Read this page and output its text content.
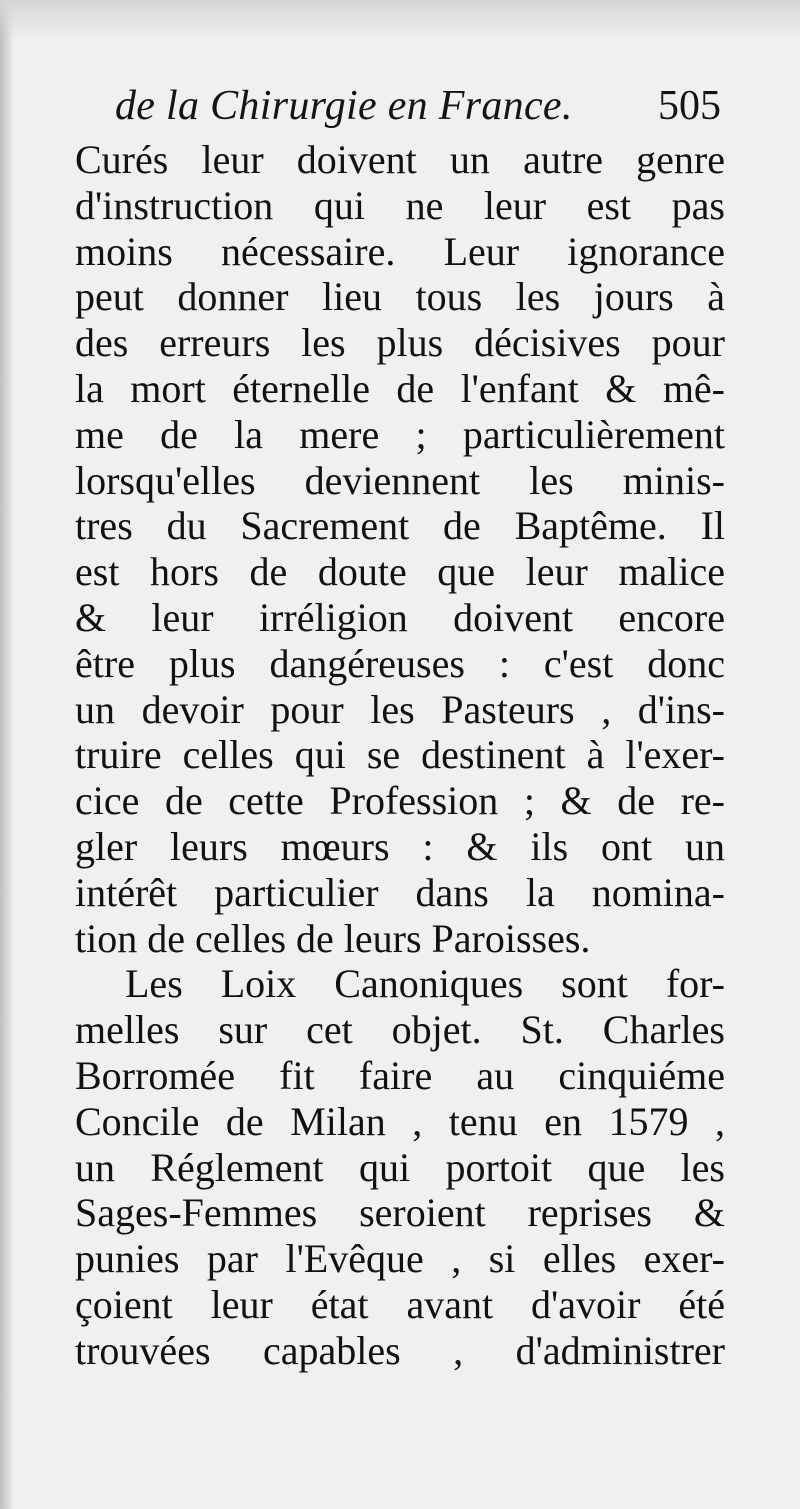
de la Chirurgie en France. 505
Curés leur doivent un autre genre
d'instruction qui ne leur est pas
moins nécessaire. Leur ignorance
peut donner lieu tous les jours à
des erreurs les plus décisives pour
la mort éternelle de l'enfant & mê-
me de la mere ; particulièrement
lorsqu'elles deviennent les minis-
tres du Sacrement de Baptême. Il
est hors de doute que leur malice
& leur irréligion doivent encore
être plus dangéreuses : c'est donc
un devoir pour les Pasteurs , d'ins-
truire celles qui se destinent à l'exer-
cice de cette Profession ; & de re-
gler leurs mœurs : & ils ont un
intérêt particulier dans la nomina-
tion de celles de leurs Paroisses.
Les Loix Canoniques sont for-
melles sur cet objet. St. Charles
Borromée fit faire au cinquiéme
Concile de Milan , tenu en 1579 ,
un Réglement qui portoit que les
Sages-Femmes seroient reprises &
punies par l'Evêque , si elles exer-
çoient leur état avant d'avoir été
trouvées capables , d'administrer
